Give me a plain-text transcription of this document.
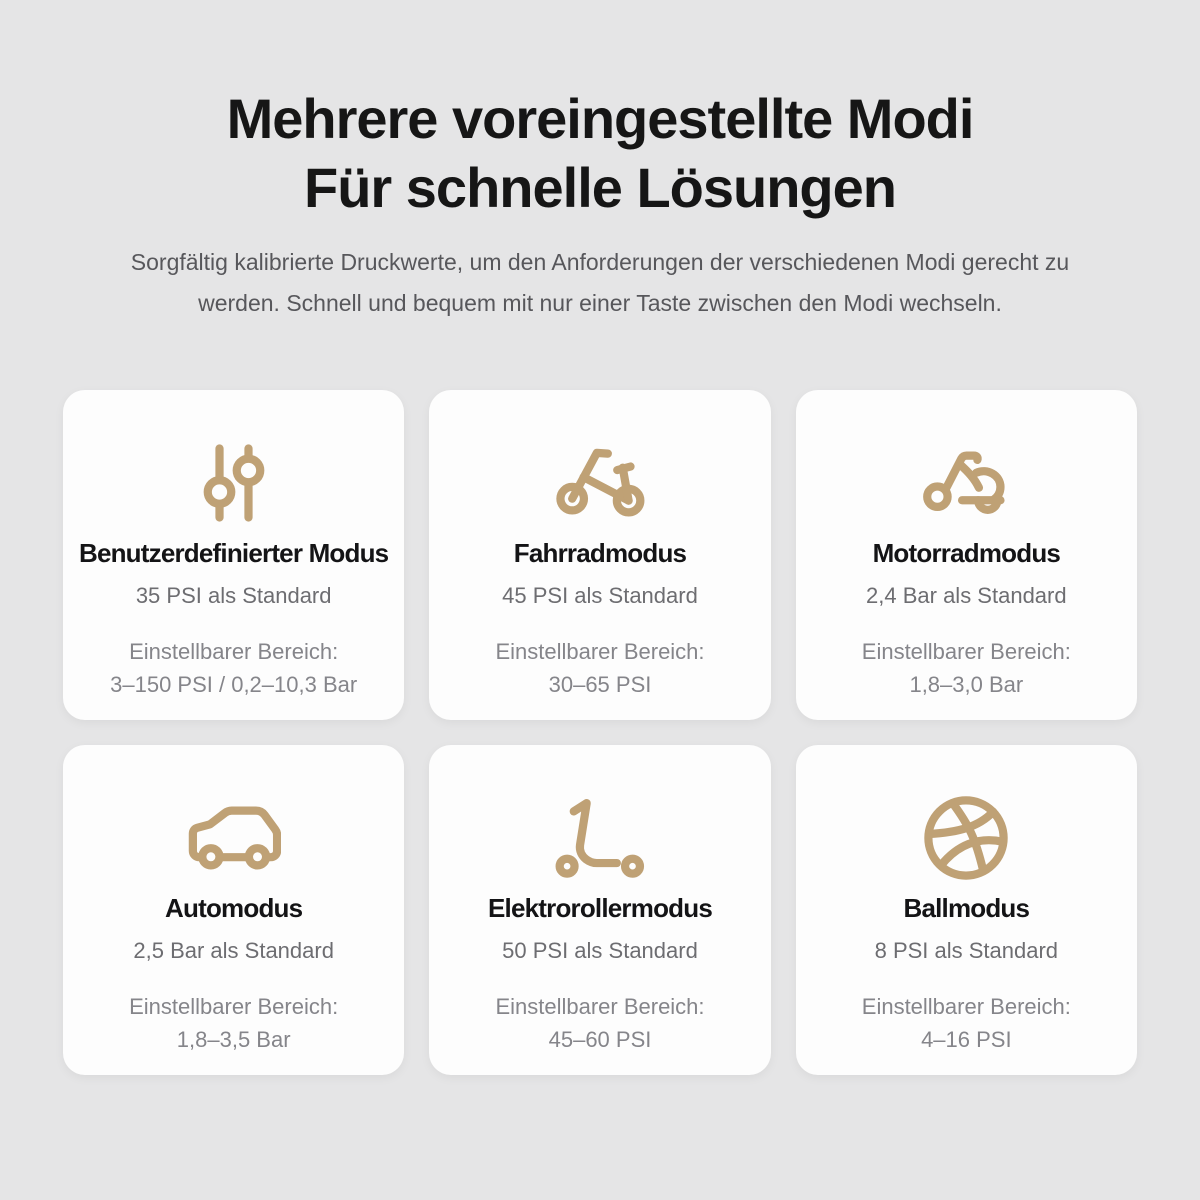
Mehrere voreingestellte Modi
Für schnelle Lösungen

Sorgfältig kalibrierte Druckwerte, um den Anforderungen der verschiedenen Modi gerecht zu
werden. Schnell und bequem mit nur einer Taste zwischen den Modi wechseln.

Benutzerdefinierter Modus

35 PSI als Standard

Einstellbarer Bereich:

3–150 PSI / 0,2–10,3 Bar

Fahrradmodus

45 PSI als Standard

Einstellbarer Bereich:

30–65 PSI

Motorradmodus

2,4 Bar als Standard

Einstellbarer Bereich:

1,8–3,0 Bar

Automodus

2,5 Bar als Standard

Einstellbarer Bereich:

1,8–3,5 Bar

Elektrorollermodus

50 PSI als Standard

Einstellbarer Bereich:

45–60 PSI

Ballmodus

8 PSI als Standard

Einstellbarer Bereich:

4–16 PSI
